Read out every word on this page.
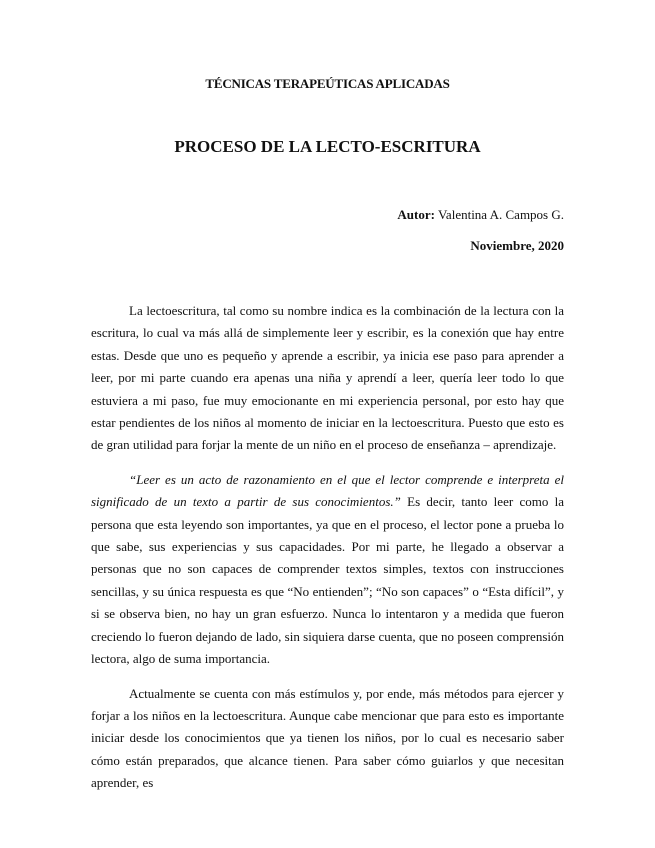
TÉCNICAS TERAPEÚTICAS APLICADAS
PROCESO DE LA LECTO-ESCRITURA
Autor: Valentina A. Campos G.
Noviembre, 2020

La lectoescritura, tal como su nombre indica es la combinación de la lectura con la escritura, lo cual va más allá de simplemente leer y escribir, es la conexión que hay entre estas. Desde que uno es pequeño y aprende a escribir, ya inicia ese paso para aprender a leer, por mi parte cuando era apenas una niña y aprendí a leer, quería leer todo lo que estuviera a mi paso, fue muy emocionante en mi experiencia personal, por esto hay que estar pendientes de los niños al momento de iniciar en la lectoescritura. Puesto que esto es de gran utilidad para forjar la mente de un niño en el proceso de enseñanza – aprendizaje.

“Leer es un acto de razonamiento en el que el lector comprende e interpreta el significado de un texto a partir de sus conocimientos.” Es decir, tanto leer como la persona que esta leyendo son importantes, ya que en el proceso, el lector pone a prueba lo que sabe, sus experiencias y sus capacidades. Por mi parte, he llegado a observar a personas que no son capaces de comprender textos simples, textos con instrucciones sencillas, y su única respuesta es que “No entienden”; “No son capaces” o “Esta difícil”, y si se observa bien, no hay un gran esfuerzo. Nunca lo intentaron y a medida que fueron creciendo lo fueron dejando de lado, sin siquiera darse cuenta, que no poseen comprensión lectora, algo de suma importancia.

Actualmente se cuenta con más estímulos y, por ende, más métodos para ejercer y forjar a los niños en la lectoescritura. Aunque cabe mencionar que para esto es importante iniciar desde los conocimientos que ya tienen los niños, por lo cual es necesario saber cómo están preparados, que alcance tienen. Para saber cómo guiarlos y que necesitan aprender, es
